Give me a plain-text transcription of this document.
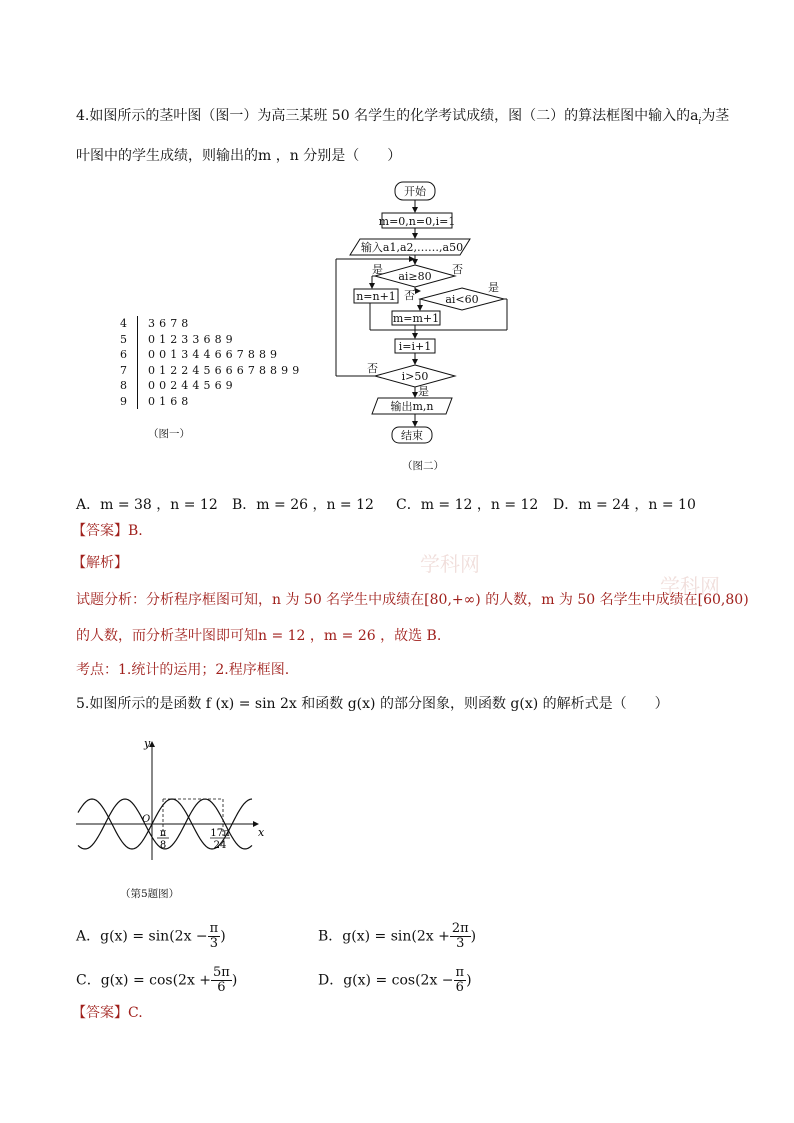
4.如图所示的茎叶图（图一）为高三某班 50 名学生的化学考试成绩，图（二）的算法框图中输入的$a_i$为茎
叶图中的学生成绩，则输出的m ，n 分别是（　　）
4	3 6 7 8
5	0 1 2 3 3 6 8 9
6	0 0 1 3 4 4 6 6 7 8 8 9
7	0 1 2 2 4 5 6 6 6 7 8 8 9 9
8	0 0 2 4 4 5 6 9
9	0 1 6 8
（图一）
开始
m=0,n=0,i=1
输入a1,a2,……,a50
ai≥80
是	否
n=n+1	ai<60
否
是
m=m+1
i=i+1
i>50
否
是
输出m,n
结束
（图二）
A．m = 38 ，n = 12 B．m = 26 ，n = 12 C．m = 12 ，n = 12 D．m = 24 ，n = 10
【答案】B.
【解析】	学科网
学科网
试题分析：分析程序框图可知，n 为 50 名学生中成绩在[80,+∞) 的人数，m 为 50 名学生中成绩在[60,80)
的人数，而分析茎叶图即可知n = 12 ，m = 26 ，故选 B.
考点：1.统计的运用；2.程序框图.
5.如图所示的是函数 f (x) = sin 2x 和函数 g(x) 的部分图象，则函数 g(x) 的解析式是（　　）
y
x
O
π
8
17π
24
（第5题图）
A．$g(x) = \sin(2x - \frac{\pi}{3}$ )	B．$g(x) = \sin(2x + \frac{2\pi}{3}$ )
C．$g(x) = \cos(2x + \frac{5\pi}{6}$ )	D．$g(x) = \cos(2x - \frac{\pi}{6}$ )
【答案】C.
